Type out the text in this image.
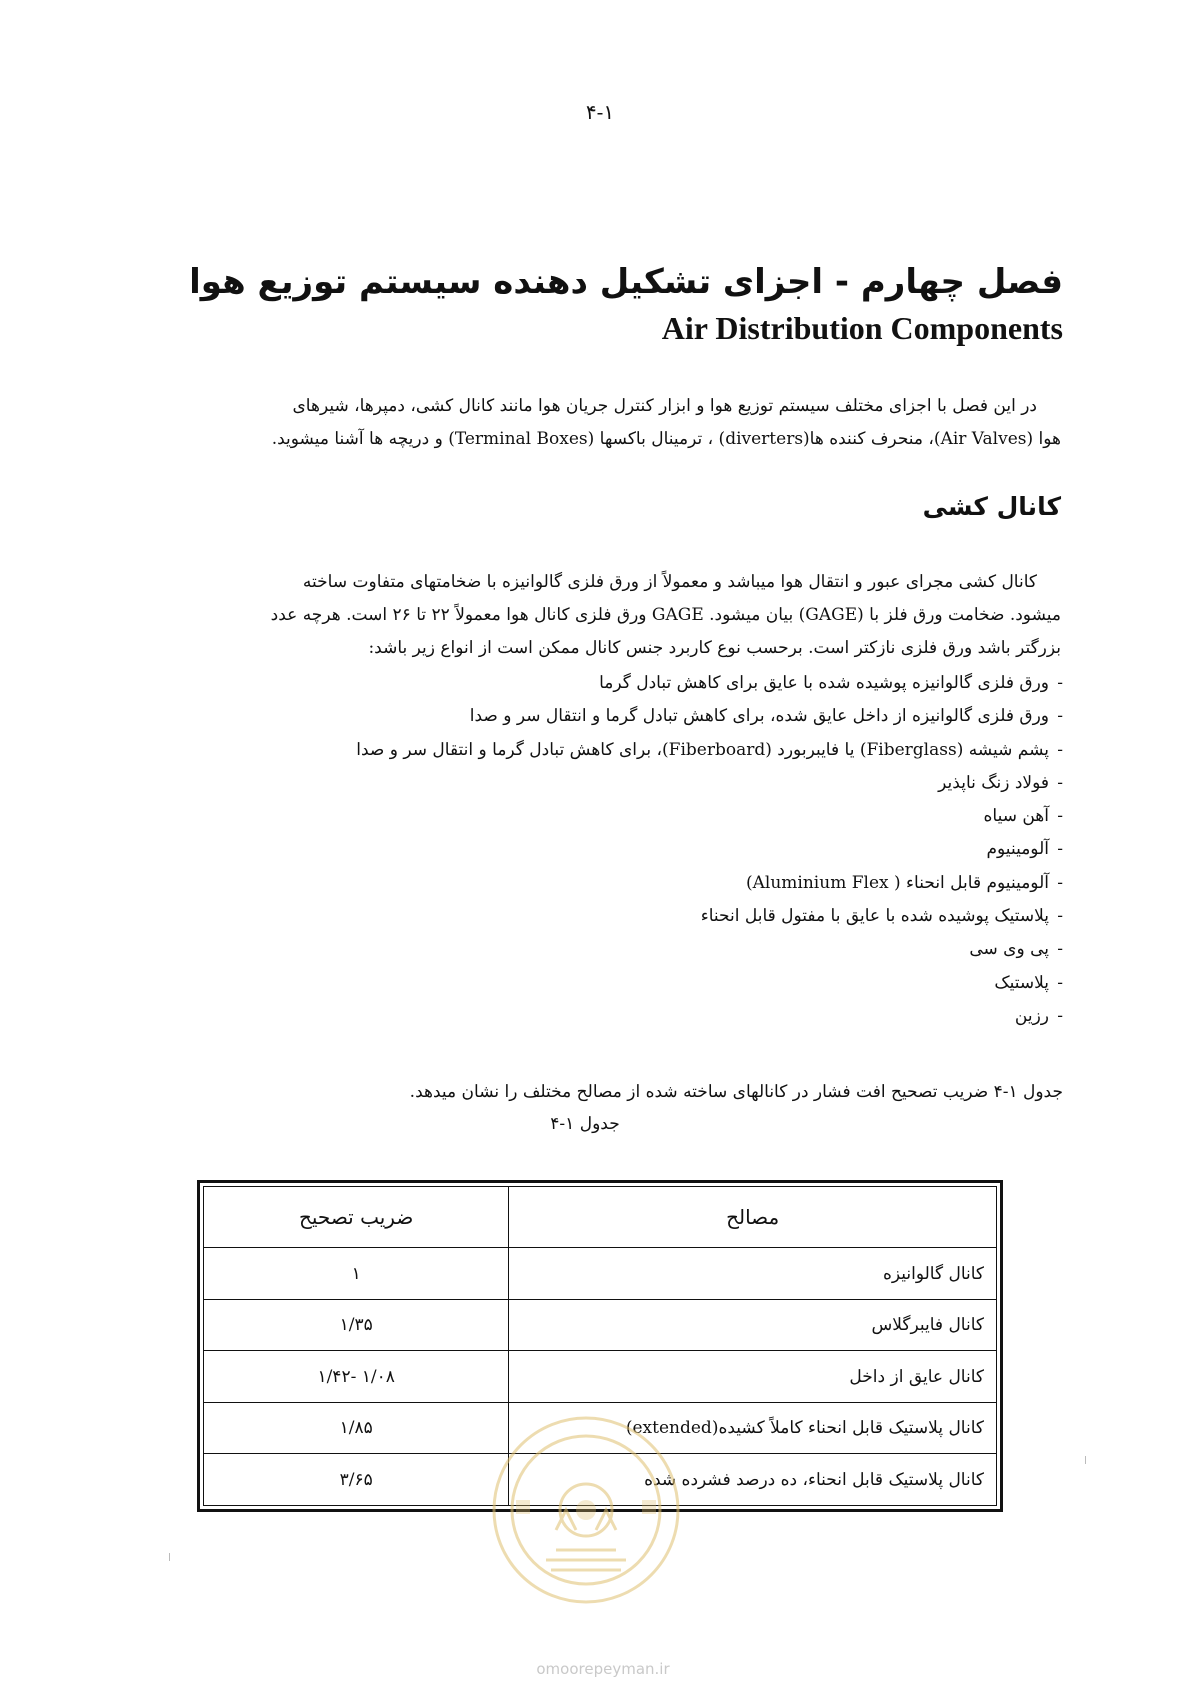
۴-۱
فصل چهارم - اجزای تشکیل دهنده سیستم توزیع هوا
Air Distribution Components
در این فصل با اجزای مختلف سیستم توزیع هوا و ابزار کنترل جریان هوا مانند کانال کشی، دمپرها، شیرهای
هوا (Air Valves)، منحرف کننده ها(diverters) ، ترمینال باکسها (Terminal Boxes) و دریچه ها آشنا میشوید.
کانال کشی
کانال کشی مجرای عبور و انتقال هوا میباشد و معمولاً از ورق فلزی گالوانیزه با ضخامتهای متفاوت ساخته
میشود. ضخامت ورق فلز با (GAGE) بیان میشود. GAGE ورق فلزی کانال هوا معمولاً ۲۲ تا ۲۶ است. هرچه عدد
بزرگتر باشد ورق فلزی نازکتر است. برحسب نوع کاربرد جنس کانال ممکن است از انواع زیر باشد:
-ورق فلزی گالوانیزه پوشیده شده با عایق برای کاهش تبادل گرما
-ورق فلزی گالوانیزه از داخل عایق شده، برای کاهش تبادل گرما و انتقال سر و صدا
-پشم شیشه (Fiberglass) یا فایبربورد (Fiberboard)، برای کاهش تبادل گرما و انتقال سر و صدا
-فولاد زنگ ناپذیر
-آهن سیاه
-آلومینیوم
-آلومینیوم قابل انحناء ( Aluminium Flex)
-پلاستیک پوشیده شده با عایق با مفتول قابل انحناء
-پی وی سی
-پلاستیک
-رزین
جدول ۱-۴ ضریب تصحیح افت فشار در کانالهای ساخته شده از مصالح مختلف را نشان میدهد.
جدول ۱-۴
مصالح	ضریب تصحیح
کانال گالوانیزه	۱
کانال فایبرگلاس	۱/۳۵
کانال عایق از داخل	۱/۰۸ -۱/۴۲
کانال پلاستیک قابل انحناء کاملاً کشیده(extended)	۱/۸۵
کانال پلاستیک قابل انحناء، ده درصد فشرده شده	۳/۶۵
omoorepeyman.ir
